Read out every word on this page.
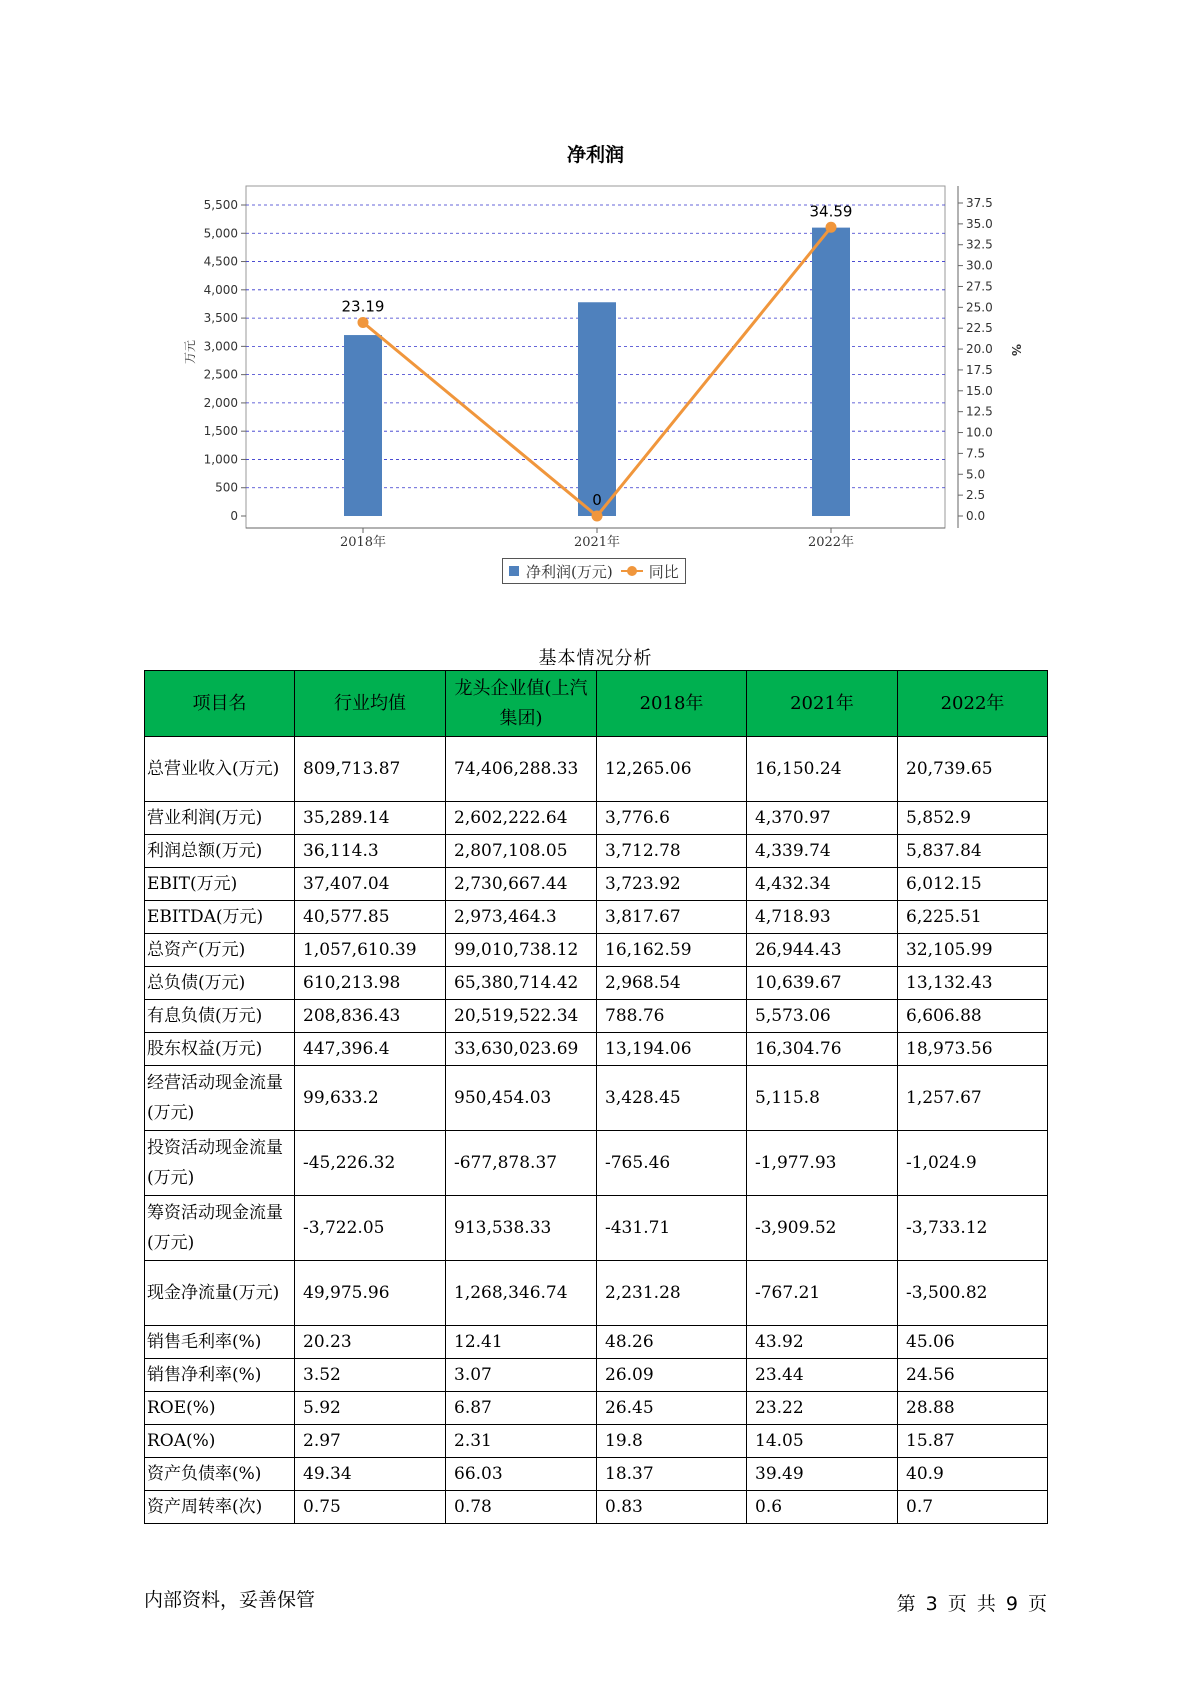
净利润
0
500
1,000
1,500
2,000
2,500
3,000
3,500
4,000
4,500
5,000
5,500
0.0
2.5
5.0
7.5
10.0
12.5
15.0
17.5
20.0
22.5
25.0
27.5
30.0
32.5
35.0
37.5
万元	%
2018年	2021年	2022年
23.19
0
34.59
净利润(万元) 同比
基本情况分析
项目名	行业均值	龙头企业值(上汽集团)	2018年	2021年	2022年
总营业收入(万元)	809,713.87	74,406,288.33	12,265.06	16,150.24	20,739.65
营业利润(万元)	35,289.14	2,602,222.64	3,776.6	4,370.97	5,852.9
利润总额(万元)	36,114.3	2,807,108.05	3,712.78	4,339.74	5,837.84
EBIT(万元)	37,407.04	2,730,667.44	3,723.92	4,432.34	6,012.15
EBITDA(万元)	40,577.85	2,973,464.3	3,817.67	4,718.93	6,225.51
总资产(万元)	1,057,610.39	99,010,738.12	16,162.59	26,944.43	32,105.99
总负债(万元)	610,213.98	65,380,714.42	2,968.54	10,639.67	13,132.43
有息负债(万元)	208,836.43	20,519,522.34	788.76	5,573.06	6,606.88
股东权益(万元)	447,396.4	33,630,023.69	13,194.06	16,304.76	18,973.56
经营活动现金流量(万元)	99,633.2	950,454.03	3,428.45	5,115.8	1,257.67
投资活动现金流量(万元)	-45,226.32	-677,878.37	-765.46	-1,977.93	-1,024.9
筹资活动现金流量(万元)	-3,722.05	913,538.33	-431.71	-3,909.52	-3,733.12
现金净流量(万元)	49,975.96	1,268,346.74	2,231.28	-767.21	-3,500.82
销售毛利率(%)	20.23	12.41	48.26	43.92	45.06
销售净利率(%)	3.52	3.07	26.09	23.44	24.56
ROE(%)	5.92	6.87	26.45	23.22	28.88
ROA(%)	2.97	2.31	19.8	14.05	15.87
资产负债率(%)	49.34	66.03	18.37	39.49	40.9
资产周转率(次)	0.75	0.78	0.83	0.6	0.7
内部资料，妥善保管	第 3 页 共 9 页
